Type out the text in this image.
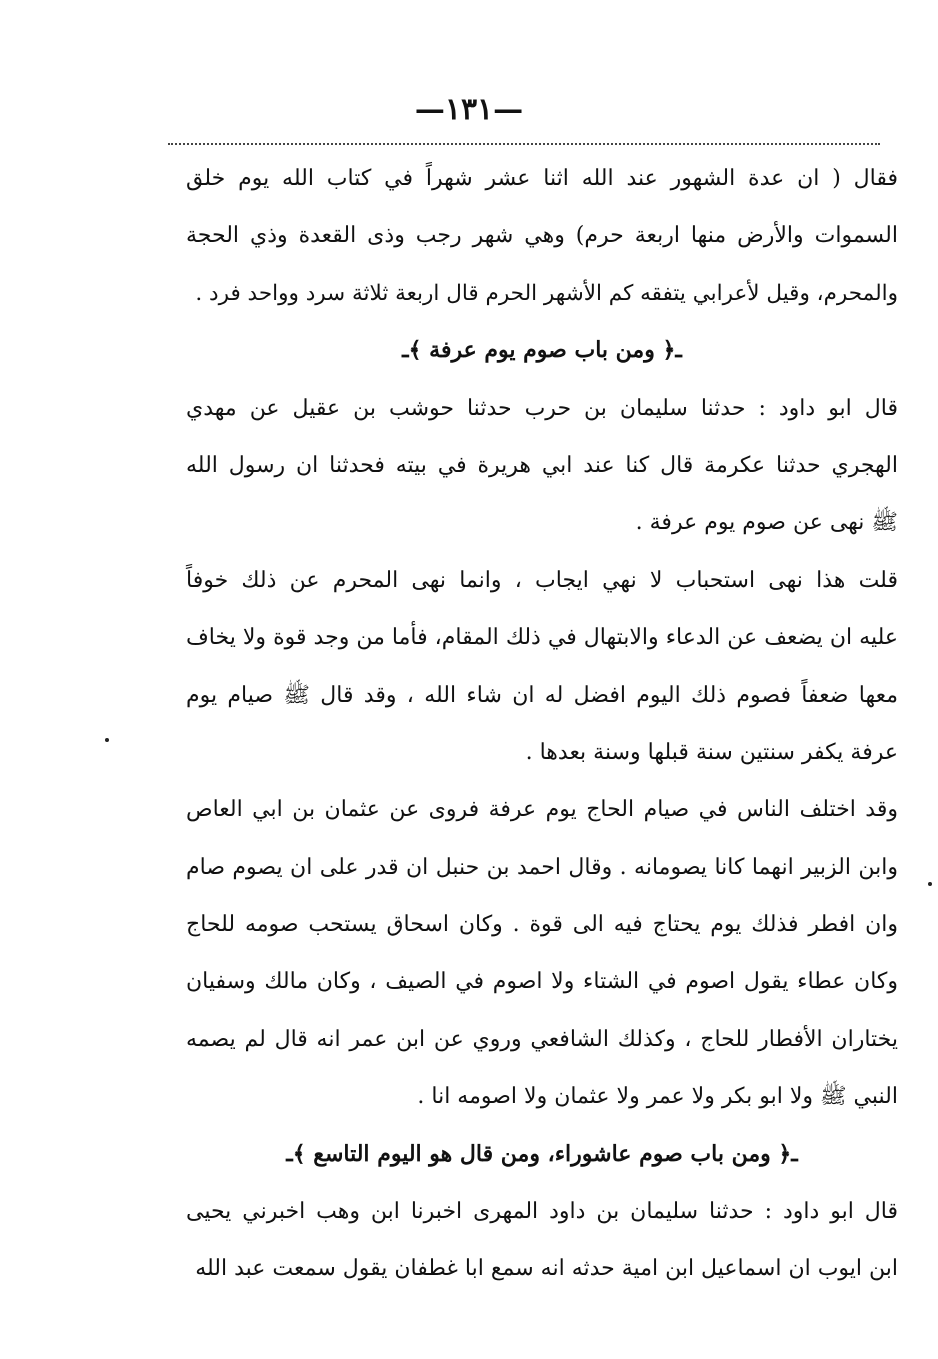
—١٣١—
فقال ( ان عدة الشهور عند الله اثنا عشر شهراً في كتاب الله يوم خلق
السموات والأرض منها اربعة حرم) وهي شهر رجب وذى القعدة وذي الحجة
والمحرم، وقيل لأعرابي يتفقه كم الأشهر الحرم قال اربعة ثلاثة سرد وواحد فرد .
ـ﴿ ومن باب صوم يوم عرفة ﴾ـ
قال ابو داود : حدثنا سليمان بن حرب حدثنا حوشب بن عقيل عن مهدي
الهجري حدثنا عكرمة قال كنا عند ابي هريرة في بيته فحدثنا ان رسول الله
ﷺ نهى عن صوم يوم عرفة .
قلت هذا نهى استحباب لا نهي ايجاب ، وانما نهى المحرم عن ذلك خوفاً
عليه ان يضعف عن الدعاء والابتهال في ذلك المقام، فأما من وجد قوة ولا يخاف
معها ضعفاً فصوم ذلك اليوم افضل له ان شاء الله ، وقد قال ﷺ صيام يوم
عرفة يكفر سنتين سنة قبلها وسنة بعدها .
وقد اختلف الناس في صيام الحاج يوم عرفة فروى عن عثمان بن ابي العاص
وابن الزبير انهما كانا يصومانه . وقال احمد بن حنبل ان قدر على ان يصوم صام
وان افطر فذلك يوم يحتاج فيه الى قوة . وكان اسحاق يستحب صومه للحاج
وكان عطاء يقول اصوم في الشتاء ولا اصوم في الصيف ، وكان مالك وسفيان
يختاران الأفطار للحاج ، وكذلك الشافعي وروي عن ابن عمر انه قال لم يصمه
النبي ﷺ ولا ابو بكر ولا عمر ولا عثمان ولا اصومه انا .
ـ﴿ ومن باب صوم عاشوراء، ومن قال هو اليوم التاسع ﴾ـ
قال ابو داود : حدثنا سليمان بن داود المهرى اخبرنا ابن وهب اخبرني يحيى
ابن ايوب ان اسماعيل ابن امية حدثه انه سمع ابا غطفان يقول سمعت عبد الله
